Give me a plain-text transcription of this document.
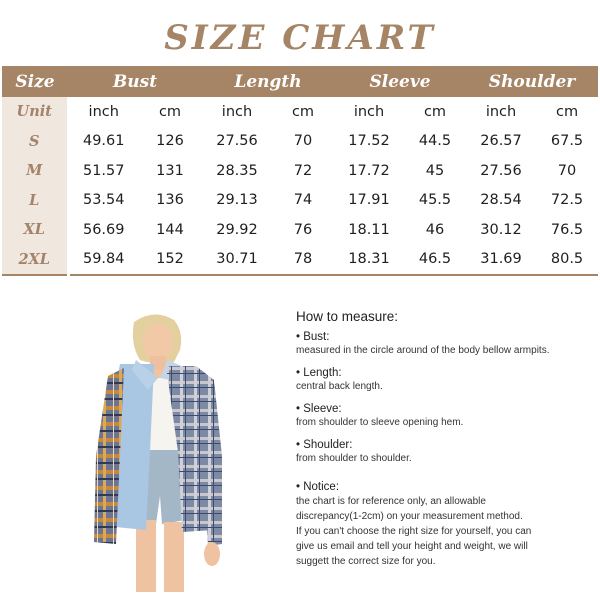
SIZE CHART
Size	Bust		Length		Sleeve		Shoulder	
Unit	inch	cm	inch	cm	inch	cm	inch	cm
S	49.61	126	27.56	70	17.52	44.5	26.57	67.5
M	51.57	131	28.35	72	17.72	45	27.56	70
L	53.54	136	29.13	74	17.91	45.5	28.54	72.5
XL	56.69	144	29.92	76	18.11	46	30.12	76.5
2XL	59.84	152	30.71	78	18.31	46.5	31.69	80.5
How to measure:
• Bust:
measured in the circle around of the body bellow armpits.
• Length:
central back length.
• Sleeve:
from shoulder to sleeve opening hem.
• Shoulder:
from shoulder to shoulder.
• Notice:
the chart is for reference only, an allowable
discrepancy(1-2cm) on your measurement method.
If you can't choose the right size for yourself, you can
give us email and tell your height and weight, we will
suggett the correct size for you.
